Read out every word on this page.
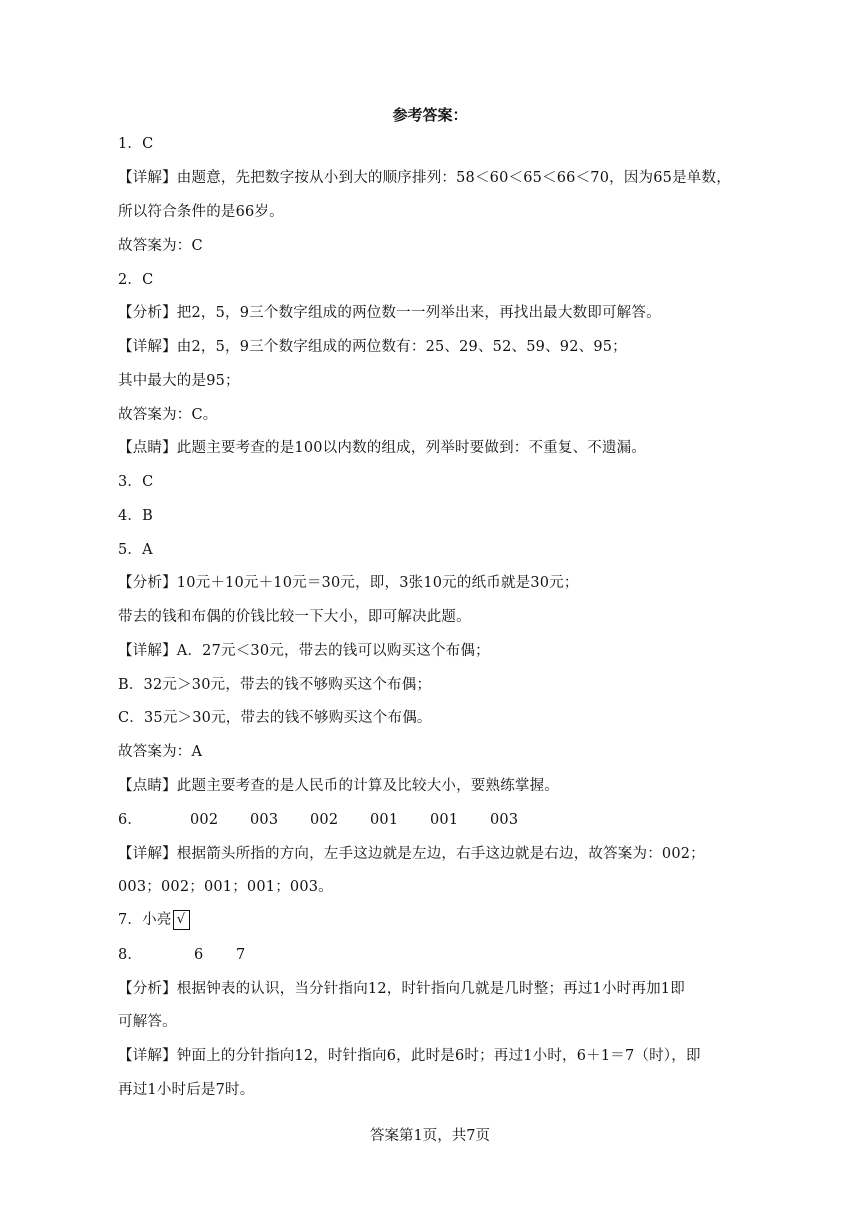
参考答案：
1．C
【详解】由题意，先把数字按从小到大的顺序排列：58＜60＜65＜66＜70，因为65是单数，
所以符合条件的是66岁。
故答案为：C
2．C
【分析】把2，5，9三个数字组成的两位数一一列举出来，再找出最大数即可解答。
【详解】由2，5，9三个数字组成的两位数有：25、29、52、59、92、95；
其中最大的是95；
故答案为：C。
【点睛】此题主要考查的是100以内数的组成，列举时要做到：不重复、不遗漏。
3．C
4．B
5．A
【分析】10元＋10元＋10元＝30元，即，3张10元的纸币就是30元；
带去的钱和布偶的价钱比较一下大小，即可解决此题。
【详解】A．27元＜30元，带去的钱可以购买这个布偶；
B．32元＞30元，带去的钱不够购买这个布偶；
C．35元＞30元，带去的钱不够购买这个布偶。
故答案为：A
【点睛】此题主要考查的是人民币的计算及比较大小，要熟练掌握。
6．	002 003 002 001 001 003
【详解】根据箭头所指的方向，左手这边就是左边，右手这边就是右边，故答案为：002；
003；002；001；001；003。
7．小亮 √
8．	6 7
【分析】根据钟表的认识，当分针指向12，时针指向几就是几时整；再过1小时再加1即
可解答。
【详解】钟面上的分针指向12，时针指向6，此时是6时；再过1小时，6＋1＝7（时），即
再过1小时后是7时。
答案第1页，共7页
